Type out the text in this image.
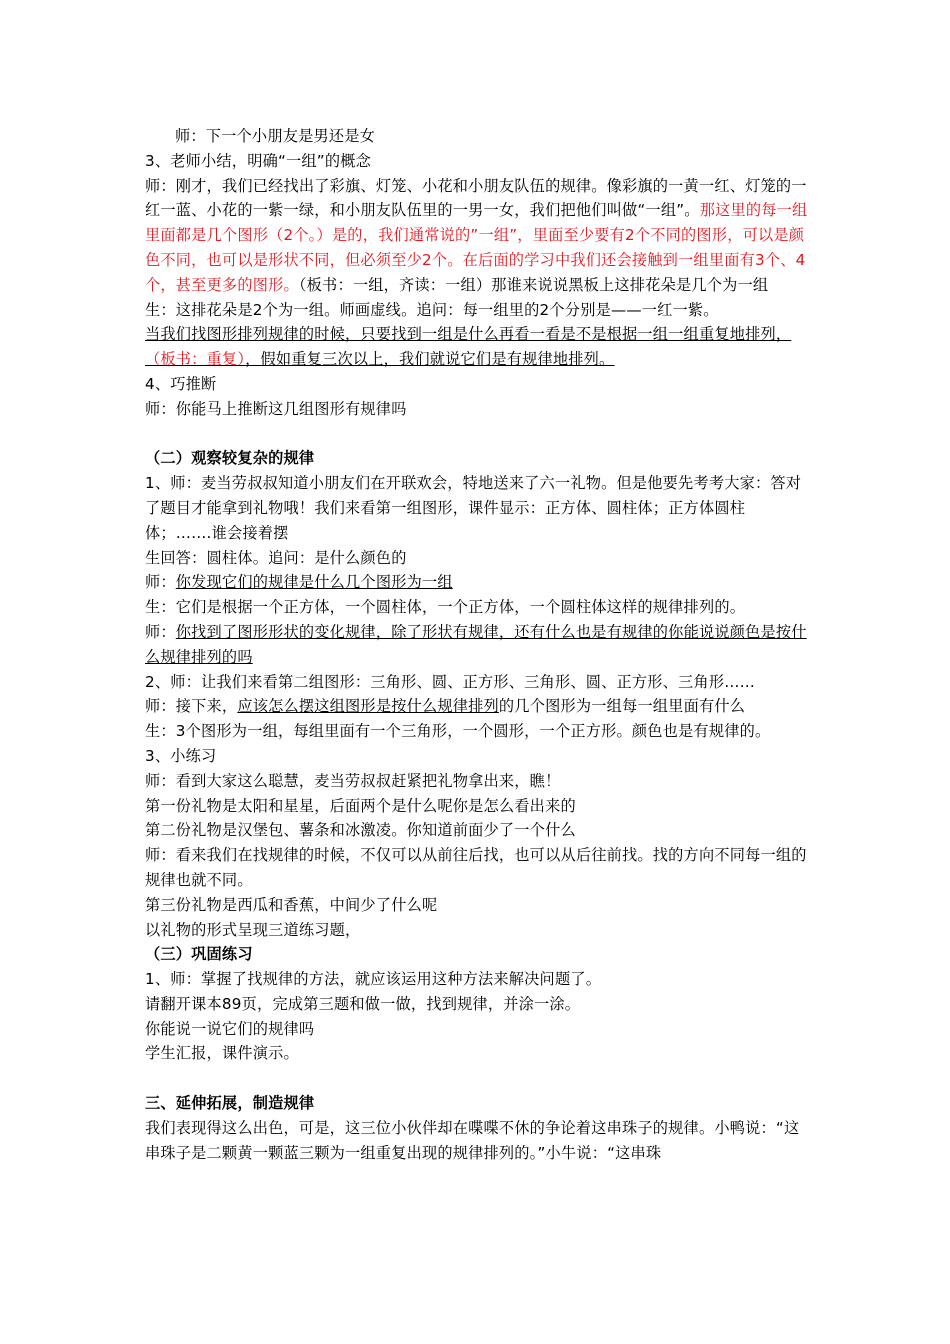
师：下一个小朋友是男还是女

3、老师小结，明确“一组”的概念

师：刚才，我们已经找出了彩旗、灯笼、小花和小朋友队伍的规律。像彩旗的一黄一红、灯笼的一红一蓝、小花的一紫一绿，和小朋友队伍里的一男一女，我们把他们叫做“一组”。那这里的每一组里面都是几个图形（2个。）是的，我们通常说的”一组”，里面至少要有2个不同的图形，可以是颜色不同，也可以是形状不同，但必须至少2个。在后面的学习中我们还会接触到一组里面有3个、4个，甚至更多的图形。（板书：一组，齐读：一组）那谁来说说黑板上这排花朵是几个为一组

生：这排花朵是2个为一组。师画虚线。追问：每一组里的2个分别是——一红一紫。

当我们找图形排列规律的时候，只要找到一组是什么再看一看是不是根据一组一组重复地排列，（板书：重复），假如重复三次以上，我们就说它们是有规律地排列。

4、巧推断

师：你能马上推断这几组图形有规律吗

（二）观察较复杂的规律

1、师：麦当劳叔叔知道小朋友们在开联欢会，特地送来了六一礼物。但是他要先考考大家：答对了题目才能拿到礼物哦！我们来看第一组图形，课件显示：正方体、圆柱体；正方体圆柱体；…….谁会接着摆

生回答：圆柱体。追问：是什么颜色的

师：你发现它们的规律是什么几个图形为一组

生：它们是根据一个正方体，一个圆柱体，一个正方体，一个圆柱体这样的规律排列的。

师：你找到了图形形状的变化规律，除了形状有规律，还有什么也是有规律的你能说说颜色是按什么规律排列的吗

2、师：让我们来看第二组图形：三角形、圆、正方形、三角形、圆、正方形、三角形……

师：接下来，应该怎么摆这组图形是按什么规律排列的几个图形为一组每一组里面有什么

生：3个图形为一组，每组里面有一个三角形，一个圆形，一个正方形。颜色也是有规律的。

3、小练习

师：看到大家这么聪慧，麦当劳叔叔赶紧把礼物拿出来，瞧！

第一份礼物是太阳和星星，后面两个是什么呢你是怎么看出来的

第二份礼物是汉堡包、薯条和冰激凌。你知道前面少了一个什么

师：看来我们在找规律的时候，不仅可以从前往后找，也可以从后往前找。找的方向不同每一组的规律也就不同。

第三份礼物是西瓜和香蕉，中间少了什么呢

以礼物的形式呈现三道练习题，

（三）巩固练习

1、师：掌握了找规律的方法，就应该运用这种方法来解决问题了。

请翻开课本89页，完成第三题和做一做，找到规律，并涂一涂。

你能说一说它们的规律吗

学生汇报，课件演示。

三、延伸拓展，制造规律

我们表现得这么出色，可是，这三位小伙伴却在喋喋不休的争论着这串珠子的规律。小鸭说：“这串珠子是二颗黄一颗蓝三颗为一组重复出现的规律排列的。”小牛说：“这串珠
